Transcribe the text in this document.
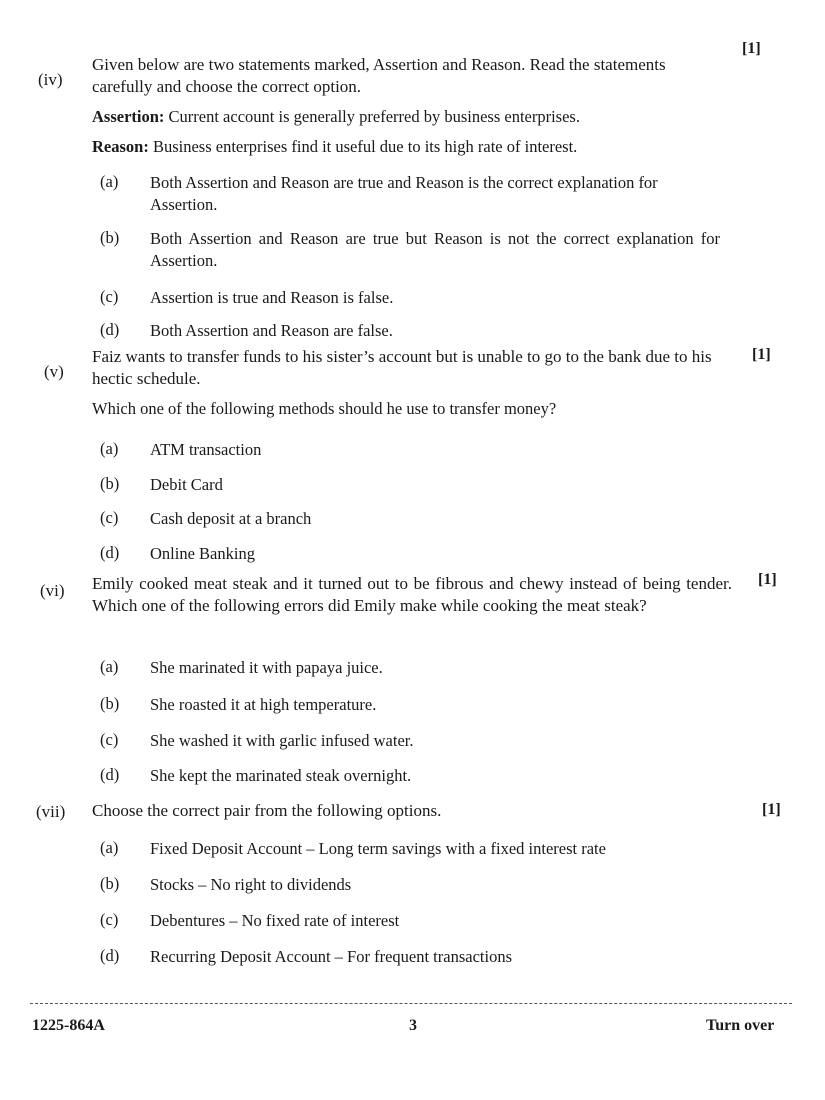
(iv)
[1]
Given below are two statements marked, Assertion and Reason. Read the statements carefully and choose the correct option.
Assertion: Current account is generally preferred by business enterprises.
Reason: Business enterprises find it useful due to its high rate of interest.
(a) Both Assertion and Reason are true and Reason is the correct explanation for Assertion.
(b) Both Assertion and Reason are true but Reason is not the correct explanation for Assertion.
(c) Assertion is true and Reason is false.
(d) Both Assertion and Reason are false.
(v)
[1]
Faiz wants to transfer funds to his sister’s account but is unable to go to the bank due to his hectic schedule.
Which one of the following methods should he use to transfer money?
(a) ATM transaction
(b) Debit Card
(c) Cash deposit at a branch
(d) Online Banking
(vi)
[1]
Emily cooked meat steak and it turned out to be fibrous and chewy instead of being tender. Which one of the following errors did Emily make while cooking the meat steak?
(a) She marinated it with papaya juice.
(b) She roasted it at high temperature.
(c) She washed it with garlic infused water.
(d) She kept the marinated steak overnight.
(vii)	[1]
Choose the correct pair from the following options.
(a) Fixed Deposit Account – Long term savings with a fixed interest rate
(b) Stocks – No right to dividends
(c) Debentures – No fixed rate of interest
(d) Recurring Deposit Account – For frequent transactions
1225-864A	3	Turn over
